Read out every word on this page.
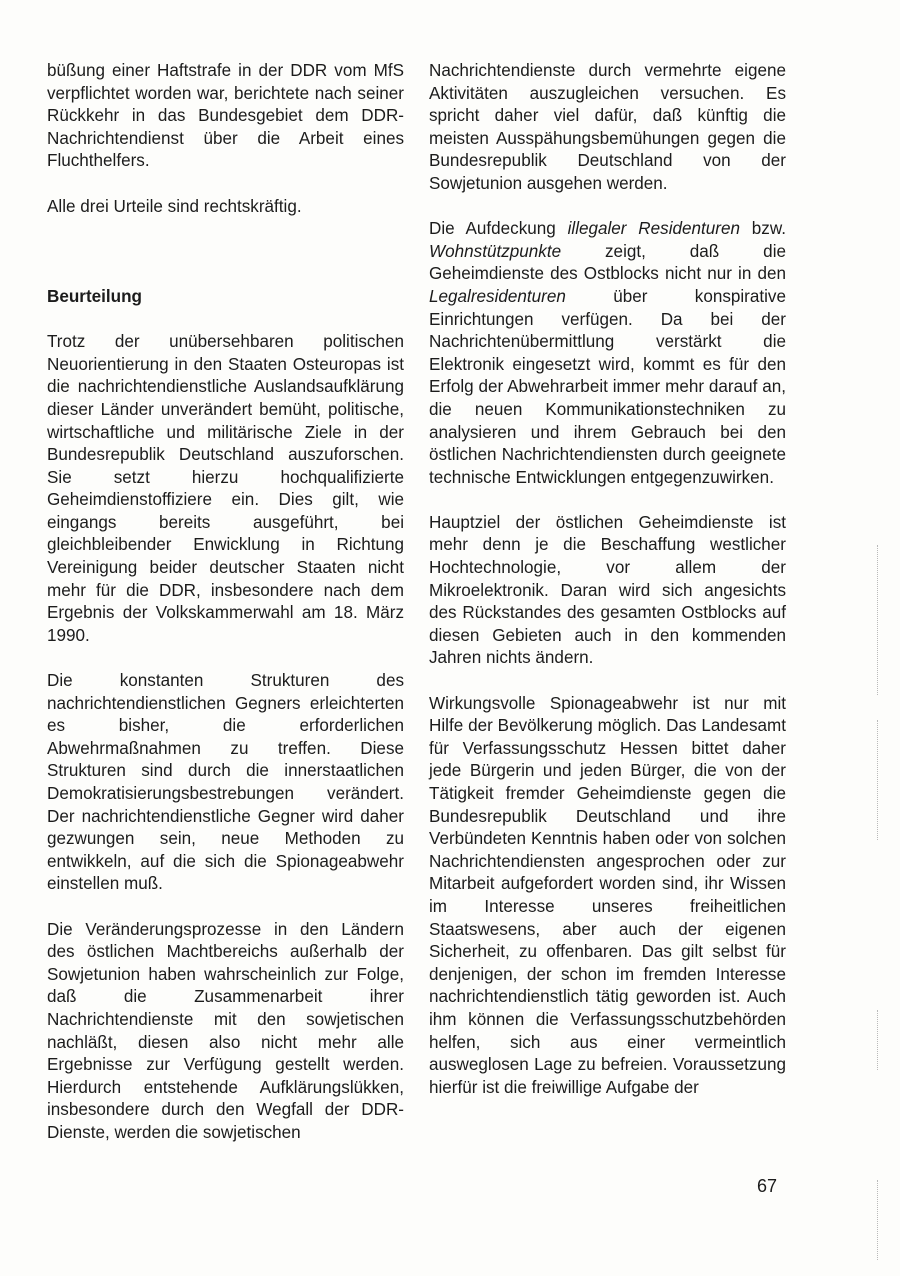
büßung einer Haftstrafe in der DDR vom MfS verpflichtet worden war, berichtete nach seiner Rückkehr in das Bundesgebiet dem DDR-Nachrichtendienst über die Arbeit eines Fluchthelfers.

Alle drei Urteile sind rechtskräftig.

Beurteilung

Trotz der unübersehbaren politischen Neuorientierung in den Staaten Osteuropas ist die nachrichtendienstliche Auslandsaufklärung dieser Länder unverändert bemüht, politische, wirtschaftliche und militärische Ziele in der Bundesrepublik Deutschland auszuforschen. Sie setzt hierzu hochqualifizierte Geheimdienstoffiziere ein. Dies gilt, wie eingangs bereits ausgeführt, bei gleichbleibender Enwicklung in Richtung Vereinigung beider deutscher Staaten nicht mehr für die DDR, insbesondere nach dem Ergebnis der Volkskammerwahl am 18. März 1990.

Die konstanten Strukturen des nachrichtendienstlichen Gegners erleichterten es bisher, die erforderlichen Abwehrmaßnahmen zu treffen. Diese Strukturen sind durch die innerstaatlichen Demokratisierungsbestrebungen verändert. Der nachrichtendienstliche Gegner wird daher gezwungen sein, neue Methoden zu entwikkeln, auf die sich die Spionageabwehr einstellen muß.

Die Veränderungsprozesse in den Ländern des östlichen Machtbereichs außerhalb der Sowjetunion haben wahrscheinlich zur Folge, daß die Zusammenarbeit ihrer Nachrichtendienste mit den sowjetischen nachläßt, diesen also nicht mehr alle Ergebnisse zur Verfügung gestellt werden. Hierdurch entstehende Aufklärungslükken, insbesondere durch den Wegfall der DDR-Dienste, werden die sowjetischen

Nachrichtendienste durch vermehrte eigene Aktivitäten auszugleichen versuchen. Es spricht daher viel dafür, daß künftig die meisten Ausspähungsbemühungen gegen die Bundesrepublik Deutschland von der Sowjetunion ausgehen werden.

Die Aufdeckung illegaler Residenturen bzw. Wohnstützpunkte zeigt, daß die Geheimdienste des Ostblocks nicht nur in den Legalresidenturen über konspirative Einrichtungen verfügen. Da bei der Nachrichtenübermittlung verstärkt die Elektronik eingesetzt wird, kommt es für den Erfolg der Abwehrarbeit immer mehr darauf an, die neuen Kommunikationstechniken zu analysieren und ihrem Gebrauch bei den östlichen Nachrichtendiensten durch geeignete technische Entwicklungen entgegenzuwirken.

Hauptziel der östlichen Geheimdienste ist mehr denn je die Beschaffung westlicher Hochtechnologie, vor allem der Mikroelektronik. Daran wird sich angesichts des Rückstandes des gesamten Ostblocks auf diesen Gebieten auch in den kommenden Jahren nichts ändern.

Wirkungsvolle Spionageabwehr ist nur mit Hilfe der Bevölkerung möglich. Das Landesamt für Verfassungsschutz Hessen bittet daher jede Bürgerin und jeden Bürger, die von der Tätigkeit fremder Geheimdienste gegen die Bundesrepublik Deutschland und ihre Verbündeten Kenntnis haben oder von solchen Nachrichtendiensten angesprochen oder zur Mitarbeit aufgefordert worden sind, ihr Wissen im Interesse unseres freiheitlichen Staatswesens, aber auch der eigenen Sicherheit, zu offenbaren. Das gilt selbst für denjenigen, der schon im fremden Interesse nachrichtendienstlich tätig geworden ist. Auch ihm können die Verfassungsschutzbehörden helfen, sich aus einer vermeintlich ausweglosen Lage zu befreien. Voraussetzung hierfür ist die freiwillige Aufgabe der

67
